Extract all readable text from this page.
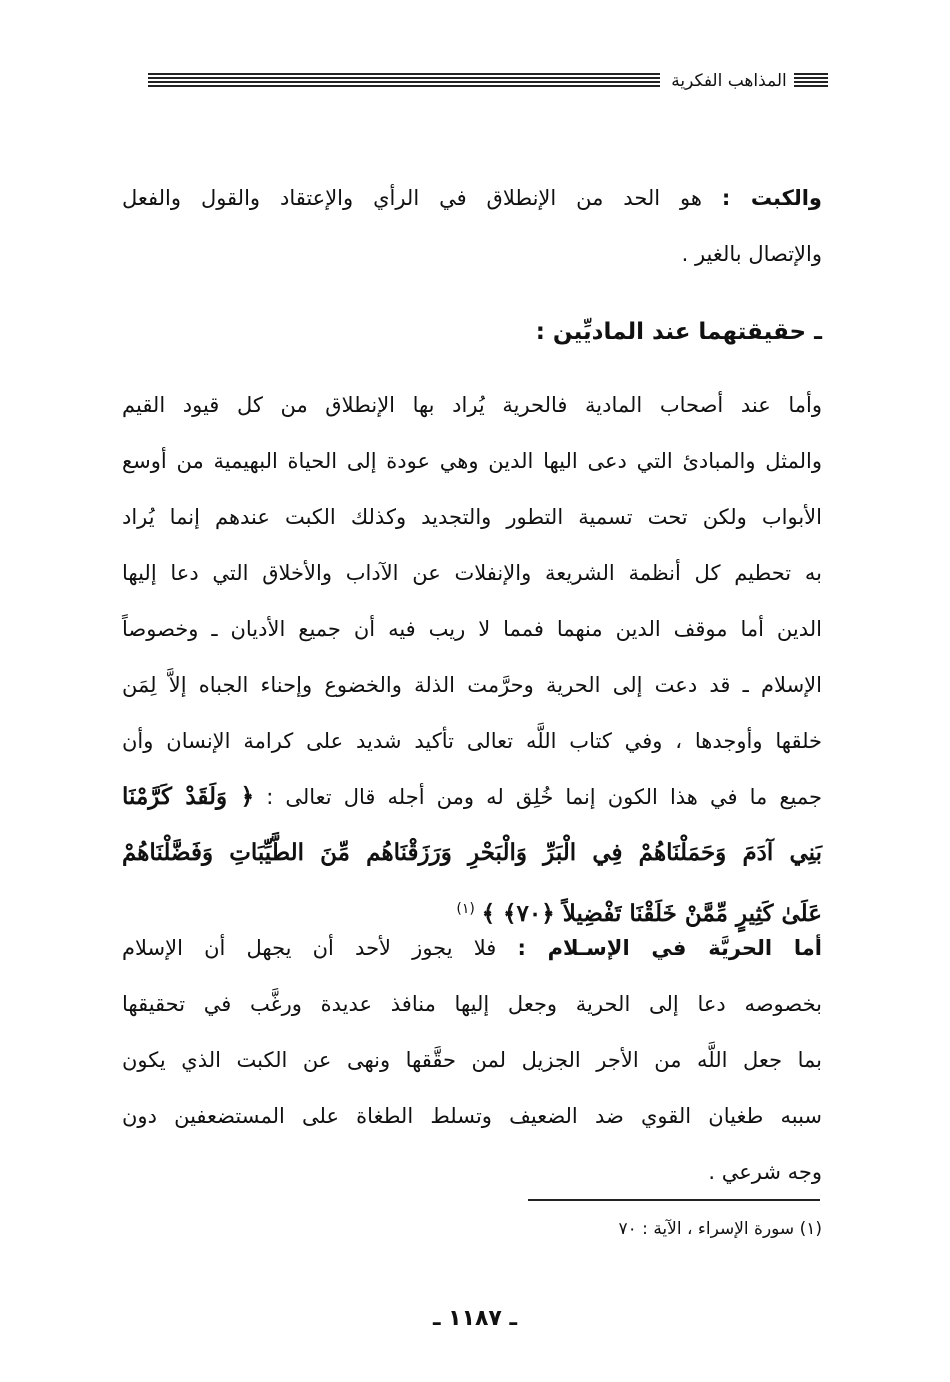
المذاهب الفكرية
والكبت : هو الحد من الإنطلاق في الرأي والإعتقاد والقول والفعل
والإتصال بالغير .
ـ حقيقتهما عند الماديِّين :
وأما عند أصحاب المادية فالحرية يُراد بها الإنطلاق من كل قيود القيم
والمثل والمبادئ التي دعى اليها الدين وهي عودة إلى الحياة البهيمية من أوسع
الأبواب ولكن تحت تسمية التطور والتجديد وكذلك الكبت عندهم إنما يُراد
به تحطيم كل أنظمة الشريعة والإنفلات عن الآداب والأخلاق التي دعا إليها
الدين أما موقف الدين منهما فمما لا ريب فيه أن جميع الأديان ـ وخصوصاً
الإسلام ـ قد دعت إلى الحرية وحرَّمت الذلة والخضوع وإحناء الجباه إلاَّ لِمَن
خلقها وأوجدها ، وفي كتاب اللَّه تعالى تأكيد شديد على كرامة الإنسان وأن
جميع ما في هذا الكون إنما خُلِق له ومن أجله قال تعالى : ﴿ وَلَقَدْ كَرَّمْنَا
بَنِي آدَمَ وَحَمَلْنَاهُمْ فِي الْبَرِّ وَالْبَحْرِ وَرَزَقْنَاهُم مِّنَ الطَّيِّبَاتِ وَفَضَّلْنَاهُمْ
عَلَىٰ كَثِيرٍ مِّمَّنْ خَلَقْنَا تَفْضِيلاً ﴿٧٠﴾ ﴾ $^{(١)}$
أما الحريَّة في الإسـلام : فلا يجوز لأحد أن يجهل أن الإسلام
بخصوصه دعا إلى الحرية وجعل إليها منافذ عديدة ورغَّب في تحقيقها
بما جعل اللَّه من الأجر الجزيل لمن حقَّقها ونهى عن الكبت الذي يكون
سببه طغيان القوي ضد الضعيف وتسلط الطغاة على المستضعفين دون
وجه شرعي .
(١) سورة الإسراء ، الآية : ٧٠
ـ ١١٨٧ ـ
